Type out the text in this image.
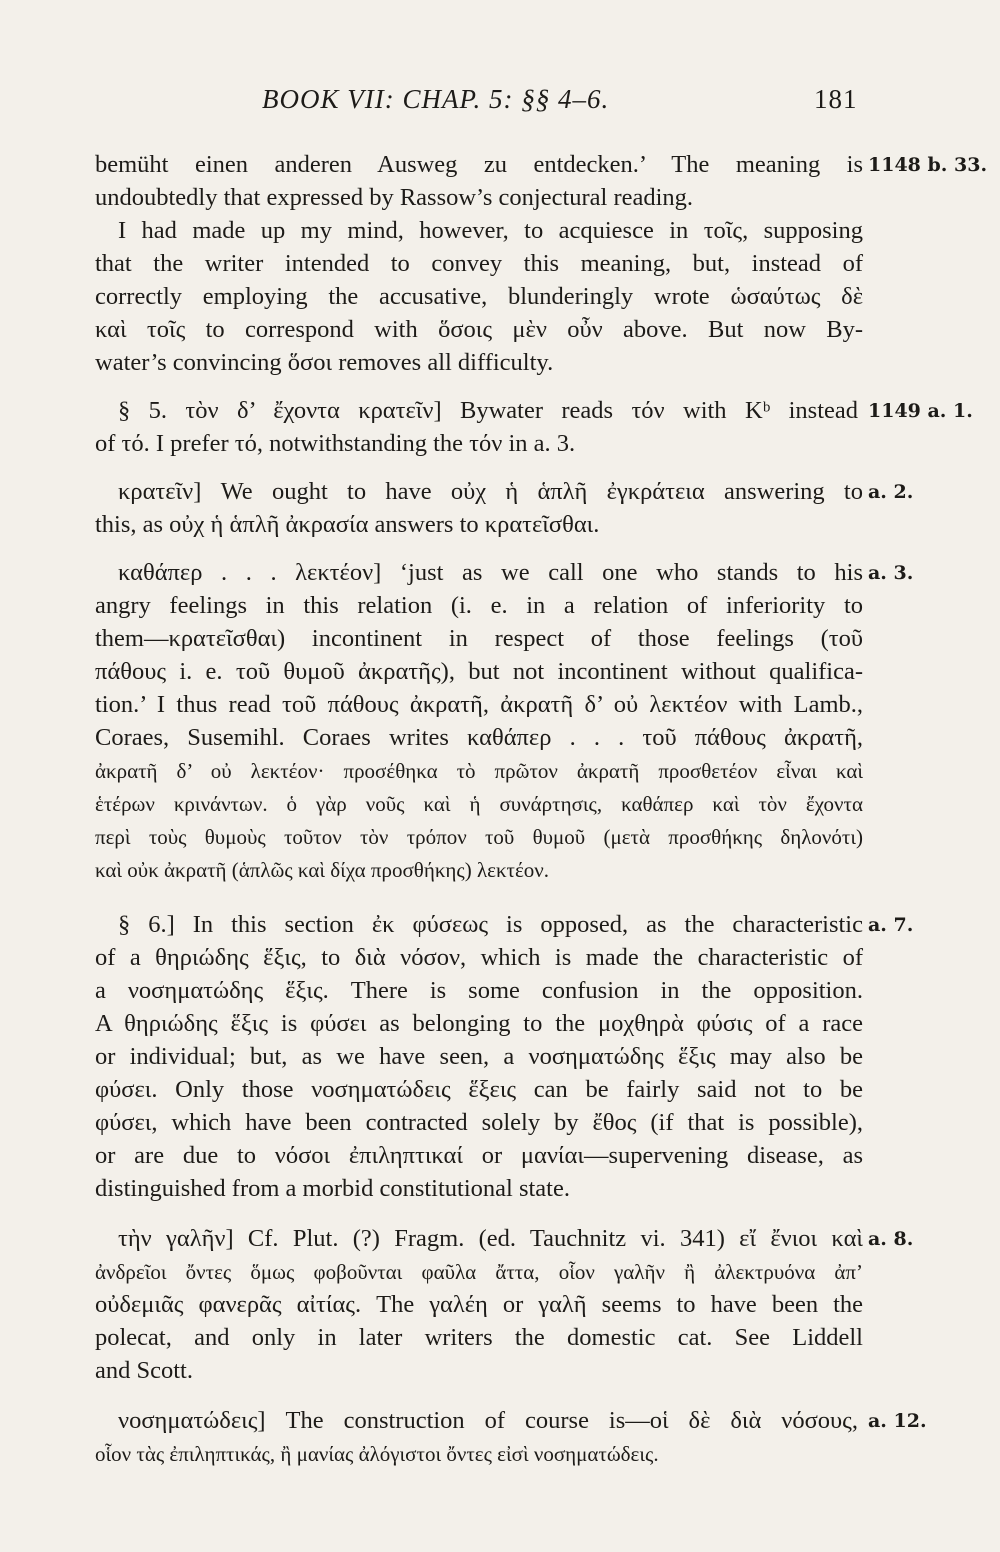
BOOK VII: CHAP. 5: §§ 4–6.	181
bemüht einen anderen Ausweg zu entdecken.’ The meaning is 1148 b. 33.
undoubtedly that expressed by Rassow’s conjectural reading.
I had made up my mind, however, to acquiesce in τοῖς, supposing
that the writer intended to convey this meaning, but, instead of
correctly employing the accusative, blunderingly wrote ὡσαύτως δὲ
καὶ τοῖς to correspond with ὅσοις μὲν οὖν above. But now By-
water’s convincing ὅσοι removes all difficulty.
§ 5. τὸν δ’ ἔχοντα κρατεῖν] Bywater reads τόν with Kᵇ instead 1149 a. 1.
of τό. I prefer τό, notwithstanding the τόν in a. 3.
κρατεῖν] We ought to have οὐχ ἡ ἁπλῆ ἐγκράτεια answering to a. 2.
this, as οὐχ ἡ ἁπλῆ ἀκρασία answers to κρατεῖσθαι.
καθάπερ . . . λεκτέον] ‘just as we call one who stands to his a. 3.
angry feelings in this relation (i. e. in a relation of inferiority to
them—κρατεῖσθαι) incontinent in respect of those feelings (τοῦ
πάθους i. e. τοῦ θυμοῦ ἀκρατῆς), but not incontinent without qualifica-
tion.’ I thus read τοῦ πάθους ἀκρατῆ, ἀκρατῆ δ’ οὐ λεκτέον with Lamb.,
Coraes, Susemihl. Coraes writes καθάπερ . . . τοῦ πάθους ἀκρατῆ,
ἀκρατῆ δ’ οὐ λεκτέον· προσέθηκα τὸ πρῶτον ἀκρατῆ προσθετέον εἶναι καὶ
ἑτέρων κρινάντων. ὁ γὰρ νοῦς καὶ ἡ συνάρτησις, καθάπερ καὶ τὸν ἔχοντα
περὶ τοὺς θυμοὺς τοῦτον τὸν τρόπον τοῦ θυμοῦ (μετὰ προσθήκης δηλονότι)
καὶ οὐκ ἀκρατῆ (ἁπλῶς καὶ δίχα προσθήκης) λεκτέον.
§ 6.] In this section ἐκ φύσεως is opposed, as the characteristic a. 7.
of a θηριώδης ἕξις, to διὰ νόσον, which is made the characteristic of
a νοσηματώδης ἕξις. There is some confusion in the opposition.
A θηριώδης ἕξις is φύσει as belonging to the μοχθηρὰ φύσις of a race
or individual; but, as we have seen, a νοσηματώδης ἕξις may also be
φύσει. Only those νοσηματώδεις ἕξεις can be fairly said not to be
φύσει, which have been contracted solely by ἔθος (if that is possible),
or are due to νόσοι ἐπιληπτικαί or μανίαι—supervening disease, as
distinguished from a morbid constitutional state.
τὴν γαλῆν] Cf. Plut. (?) Fragm. (ed. Tauchnitz vi. 341) εἴ ἔνιοι καὶ a. 8.
ἀνδρεῖοι ὄντες ὅμως φοβοῦνται φαῦλα ἄττα, οἷον γαλῆν ἢ ἀλεκτρυόνα ἀπ’
οὐδεμιᾶς φανερᾶς αἰτίας. The γαλέη or γαλῆ seems to have been the
polecat, and only in later writers the domestic cat. See Liddell
and Scott.
νοσηματώδεις] The construction of course is—οἱ δὲ διὰ νόσους, a. 12.
οἷον τὰς ἐπιληπτικάς, ἢ μανίας ἀλόγιστοι ὄντες εἰσὶ νοσηματώδεις.
